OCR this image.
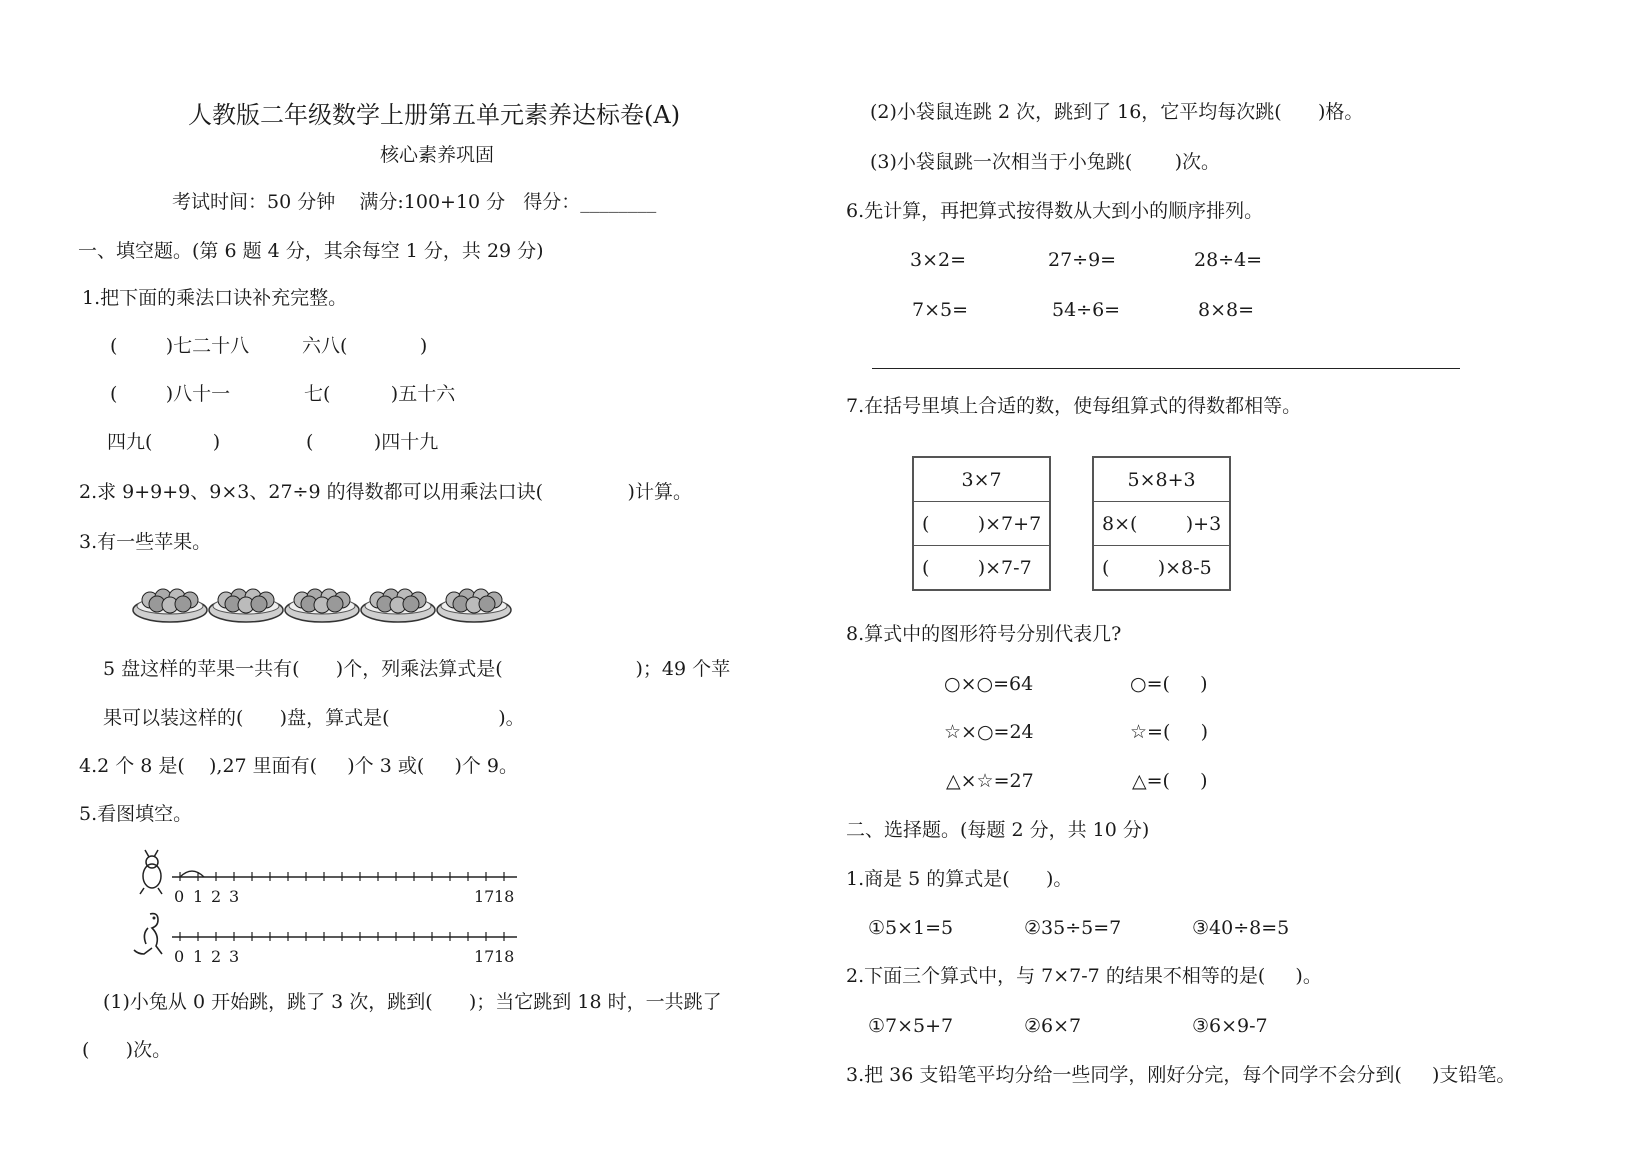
人教版二年级数学上册第五单元素养达标卷(A)
核心素养巩固
考试时间：50 分钟    满分:100+10 分   得分：________
一、填空题。(第 6 题 4 分，其余每空 1 分，共 29 分)
1.把下面的乘法口诀补充完整。
(        )七二十八	六八(            )
(        )八十一	七(          )五十六
四九(          )	(          )四十九
2.求 9+9+9、9×3、27÷9 的得数都可以用乘法口诀(              )计算。
3.有一些苹果。
5 盘这样的苹果一共有(      )个，列乘法算式是(                      )；49 个苹
果可以装这样的(      )盘，算式是(                  )。
4.2 个 8 是(    ),27 里面有(     )个 3 或(     )个 9。
5.看图填空。
0 1 2 3	17 18
0 1 2 3	17 18
(1)小兔从 0 开始跳，跳了 3 次，跳到(      )；当它跳到 18 时，一共跳了
(      )次。
(2)小袋鼠连跳 2 次，跳到了 16，它平均每次跳(      )格。
(3)小袋鼠跳一次相当于小兔跳(       )次。
6.先计算，再把算式按得数从大到小的顺序排列。
3×2=	27÷9=	28÷4=
7×5=	54÷6=	8×8=
7.在括号里填上合适的数，使每组算式的得数都相等。
3×7
(        )×7+7
(        )×7-7
5×8+3
8×(        )+3
(        )×8-5
8.算式中的图形符号分别代表几?
○×○=64	○=(     )
☆×○=24	☆=(     )
△×☆=27	△=(     )
二、选择题。(每题 2 分，共 10 分)
1.商是 5 的算式是(      )。
①5×1=5	②35÷5=7	③40÷8=5
2.下面三个算式中，与 7×7-7 的结果不相等的是(     )。
①7×5+7	②6×7	③6×9-7
3.把 36 支铅笔平均分给一些同学，刚好分完，每个同学不会分到(     )支铅笔。
